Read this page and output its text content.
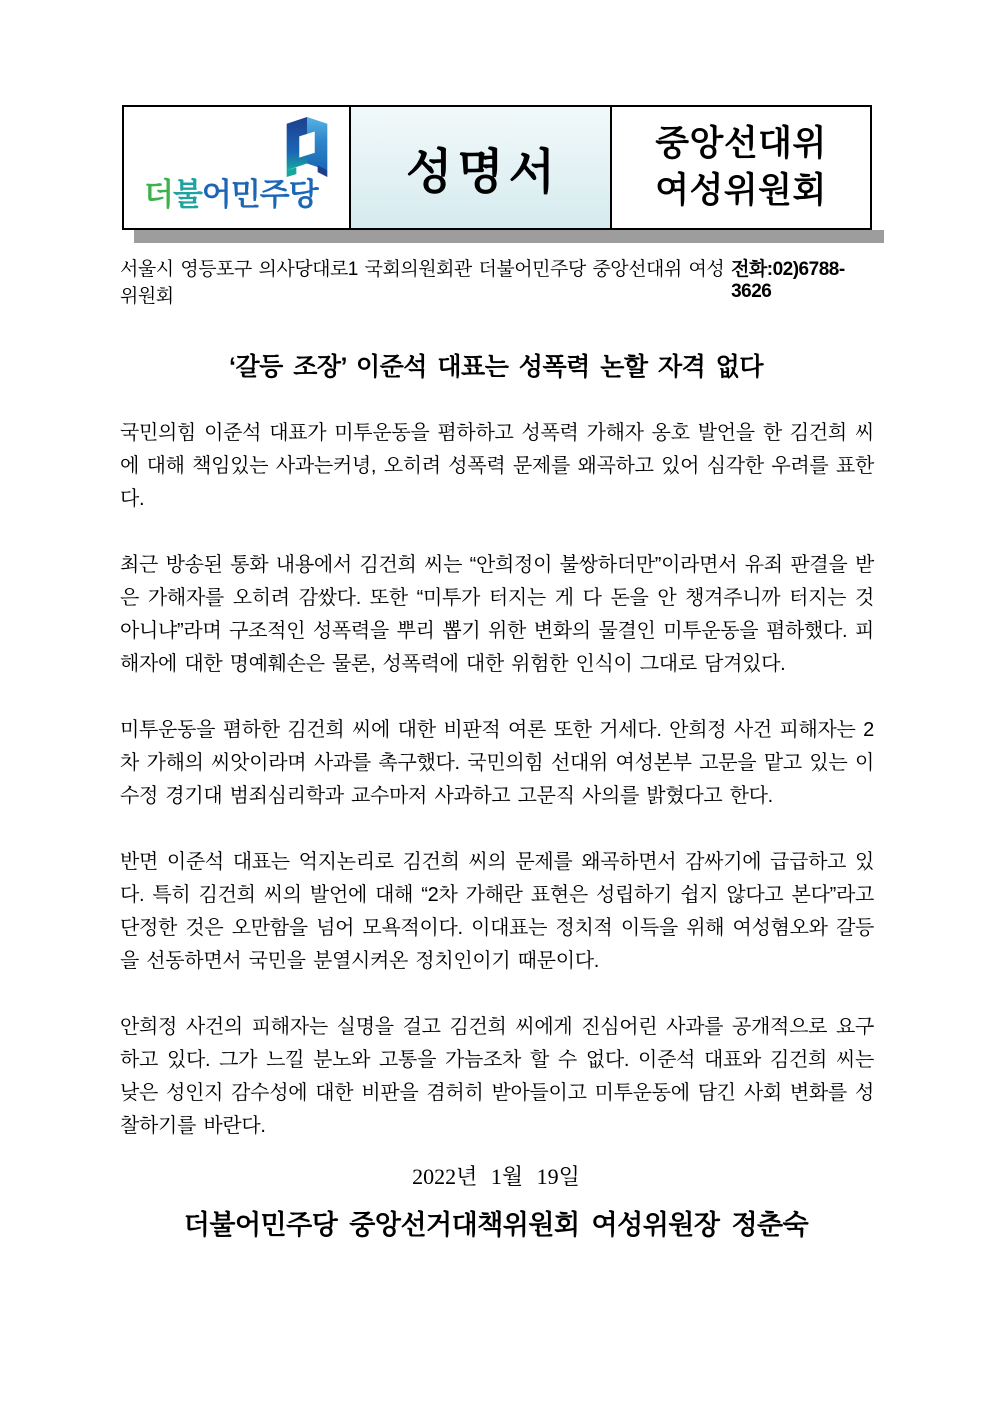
더불어민주당 성명서
중앙선대위
여성위원회
서울시 영등포구 의사당대로1 국회의원회관 더불어민주당 중앙선대위 여성위원회
전화:02)6788-3626
‘갈등 조장’ 이준석 대표는 성폭력 논할 자격 없다

국민의힘 이준석 대표가 미투운동을 폄하하고 성폭력 가해자 옹호 발언을 한 김건희 씨에 대해 책임있는 사과는커녕, 오히려 성폭력 문제를 왜곡하고 있어 심각한 우려를 표한다.

최근 방송된 통화 내용에서 김건희 씨는 “안희정이 불쌍하더만”이라면서 유죄 판결을 받은 가해자를 오히려 감쌌다. 또한 “미투가 터지는 게 다 돈을 안 챙겨주니까 터지는 것 아니냐”라며 구조적인 성폭력을 뿌리 뽑기 위한 변화의 물결인 미투운동을 폄하했다. 피해자에 대한 명예훼손은 물론, 성폭력에 대한 위험한 인식이 그대로 담겨있다.

미투운동을 폄하한 김건희 씨에 대한 비판적 여론 또한 거세다. 안희정 사건 피해자는 2차 가해의 씨앗이라며 사과를 촉구했다. 국민의힘 선대위 여성본부 고문을 맡고 있는 이수정 경기대 범죄심리학과 교수마저 사과하고 고문직 사의를 밝혔다고 한다.

반면 이준석 대표는 억지논리로 김건희 씨의 문제를 왜곡하면서 감싸기에 급급하고 있다. 특히 김건희 씨의 발언에 대해 “2차 가해란 표현은 성립하기 쉽지 않다고 본다”라고 단정한 것은 오만함을 넘어 모욕적이다. 이대표는 정치적 이득을 위해 여성혐오와 갈등을 선동하면서 국민을 분열시켜온 정치인이기 때문이다.

안희정 사건의 피해자는 실명을 걸고 김건희 씨에게 진심어린 사과를 공개적으로 요구하고 있다. 그가 느낄 분노와 고통을 가늠조차 할 수 없다. 이준석 대표와 김건희 씨는 낮은 성인지 감수성에 대한 비판을 겸허히 받아들이고 미투운동에 담긴 사회 변화를 성찰하기를 바란다.

2022년 1월 19일
더불어민주당 중앙선거대책위원회 여성위원장 정춘숙
